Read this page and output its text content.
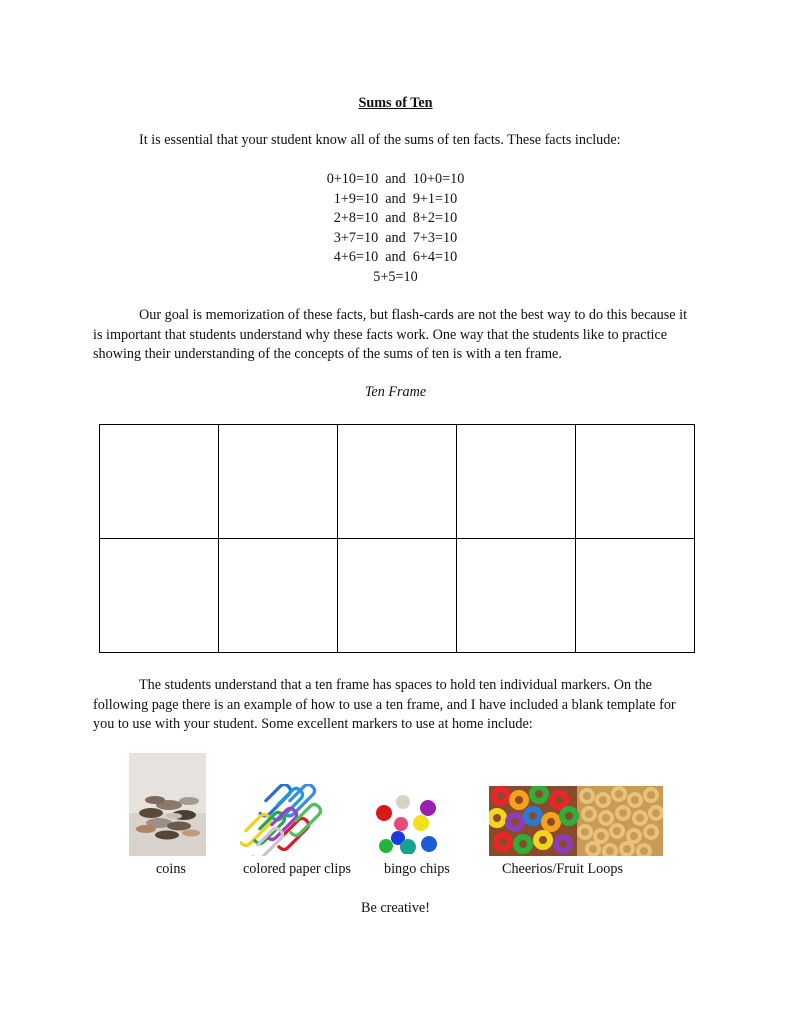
Sums of Ten
It is essential that your student know all of the sums of ten facts. These facts include:
0+10=10  and  10+0=10
1+9=10  and  9+1=10
2+8=10  and  8+2=10
3+7=10  and  7+3=10
4+6=10  and  6+4=10
5+5=10
Our goal is memorization of these facts, but flash-cards are not the best way to do this because it is important that students understand why these facts work. One way that the students like to practice showing their understanding of the concepts of the sums of ten is with a ten frame.
Ten Frame

The students understand that a ten frame has spaces to hold ten individual markers. On the following page there is an example of how to use a ten frame, and I have included a blank template for you to use with your student. Some excellent markers to use at home include:
coins	colored paper clips bingo chips	Cheerios/Fruit Loops
Be creative!
